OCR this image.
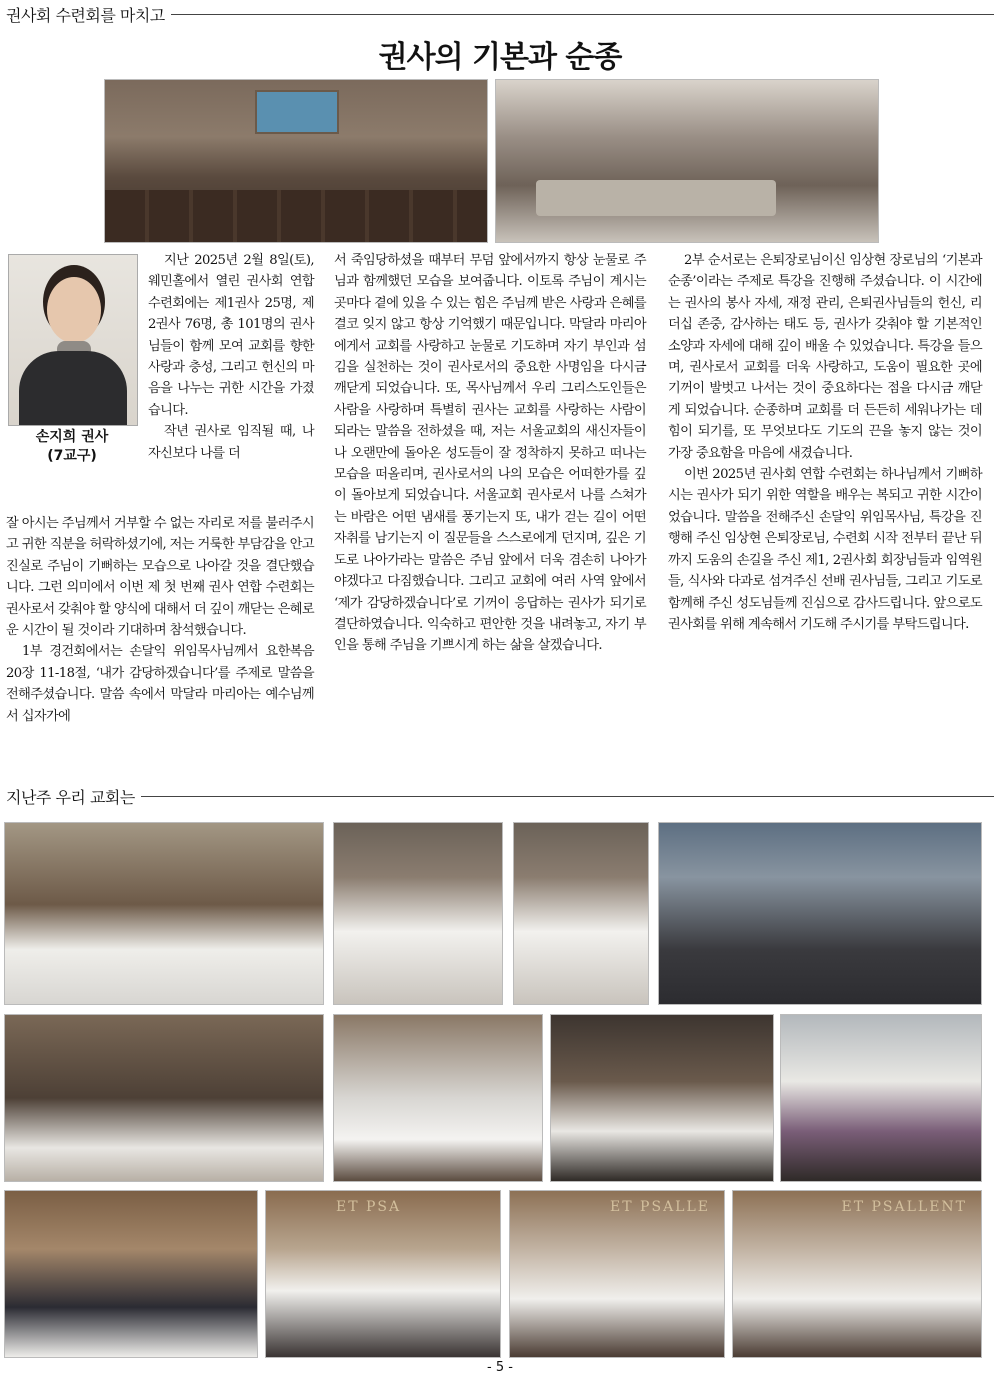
권사회 수련회를 마치고
권사의 기본과 순종
손지희 권사
(7교구)

지난 2025년 2월 8일(토), 웨민홀에서 열린 권사회 연합 수련회에는 제1권사 25명, 제2권사 76명, 총 101명의 권사님들이 함께 모여 교회를 향한 사랑과 충성, 그리고 헌신의 마음을 나누는 귀한 시간을 가졌습니다.

작년 권사로 임직될 때, 나 자신보다 나를 더

잘 아시는 주님께서 거부할 수 없는 자리로 저를 불러주시고 귀한 직분을 허락하셨기에, 저는 거룩한 부담감을 안고 진실로 주님이 기뻐하는 모습으로 나아갈 것을 결단했습니다. 그런 의미에서 이번 제 첫 번째 권사 연합 수련회는 권사로서 갖춰야 할 양식에 대해서 더 깊이 깨닫는 은혜로운 시간이 될 것이라 기대하며 참석했습니다.

1부 경건회에서는 손달익 위임목사님께서 요한복음 20장 11-18절, ‘내가 감당하겠습니다’를 주제로 말씀을 전해주셨습니다. 말씀 속에서 막달라 마리아는 예수님께서 십자가에

서 죽임당하셨을 때부터 무덤 앞에서까지 항상 눈물로 주님과 함께했던 모습을 보여줍니다. 이토록 주님이 계시는 곳마다 곁에 있을 수 있는 힘은 주님께 받은 사랑과 은혜를 결코 잊지 않고 항상 기억했기 때문입니다. 막달라 마리아에게서 교회를 사랑하고 눈물로 기도하며 자기 부인과 섬김을 실천하는 것이 권사로서의 중요한 사명임을 다시금 깨닫게 되었습니다. 또, 목사님께서 우리 그리스도인들은 사람을 사랑하며 특별히 권사는 교회를 사랑하는 사람이 되라는 말씀을 전하셨을 때, 저는 서울교회의 새신자들이나 오랜만에 돌아온 성도들이 잘 정착하지 못하고 떠나는 모습을 떠올리며, 권사로서의 나의 모습은 어떠한가를 깊이 돌아보게 되었습니다. 서울교회 권사로서 나를 스쳐가는 바람은 어떤 냄새를 풍기는지 또, 내가 걷는 길이 어떤 자취를 남기는지 이 질문들을 스스로에게 던지며, 깊은 기도로 나아가라는 말씀은 주님 앞에서 더욱 겸손히 나아가야겠다고 다짐했습니다. 그리고 교회에 여러 사역 앞에서 ‘제가 감당하겠습니다’로 기꺼이 응답하는 권사가 되기로 결단하였습니다. 익숙하고 편안한 것을 내려놓고, 자기 부인을 통해 주님을 기쁘시게 하는 삶을 살겠습니다.

2부 순서로는 은퇴장로님이신 임상현 장로님의 ‘기본과 순종’이라는 주제로 특강을 진행해 주셨습니다. 이 시간에는 권사의 봉사 자세, 재정 관리, 은퇴권사님들의 헌신, 리더십 존중, 감사하는 태도 등, 권사가 갖춰야 할 기본적인 소양과 자세에 대해 깊이 배울 수 있었습니다. 특강을 들으며, 권사로서 교회를 더욱 사랑하고, 도움이 필요한 곳에 기꺼이 발벗고 나서는 것이 중요하다는 점을 다시금 깨닫게 되었습니다. 순종하며 교회를 더 든든히 세워나가는 데 힘이 되기를, 또 무엇보다도 기도의 끈을 놓지 않는 것이 가장 중요함을 마음에 새겼습니다.

이번 2025년 권사회 연합 수련회는 하나님께서 기뻐하시는 권사가 되기 위한 역할을 배우는 복되고 귀한 시간이었습니다. 말씀을 전해주신 손달익 위임목사님, 특강을 진행해 주신 임상현 은퇴장로님, 수련회 시작 전부터 끝난 뒤까지 도움의 손길을 주신 제1, 2권사회 회장님들과 임역원들, 식사와 다과로 섬겨주신 선배 권사님들, 그리고 기도로 함께해 주신 성도님들께 진심으로 감사드립니다. 앞으로도 권사회를 위해 계속해서 기도해 주시기를 부탁드립니다.

지난주 우리 교회는
ET PSA	ET PSALLE	ET PSALLENT
- 5 -
